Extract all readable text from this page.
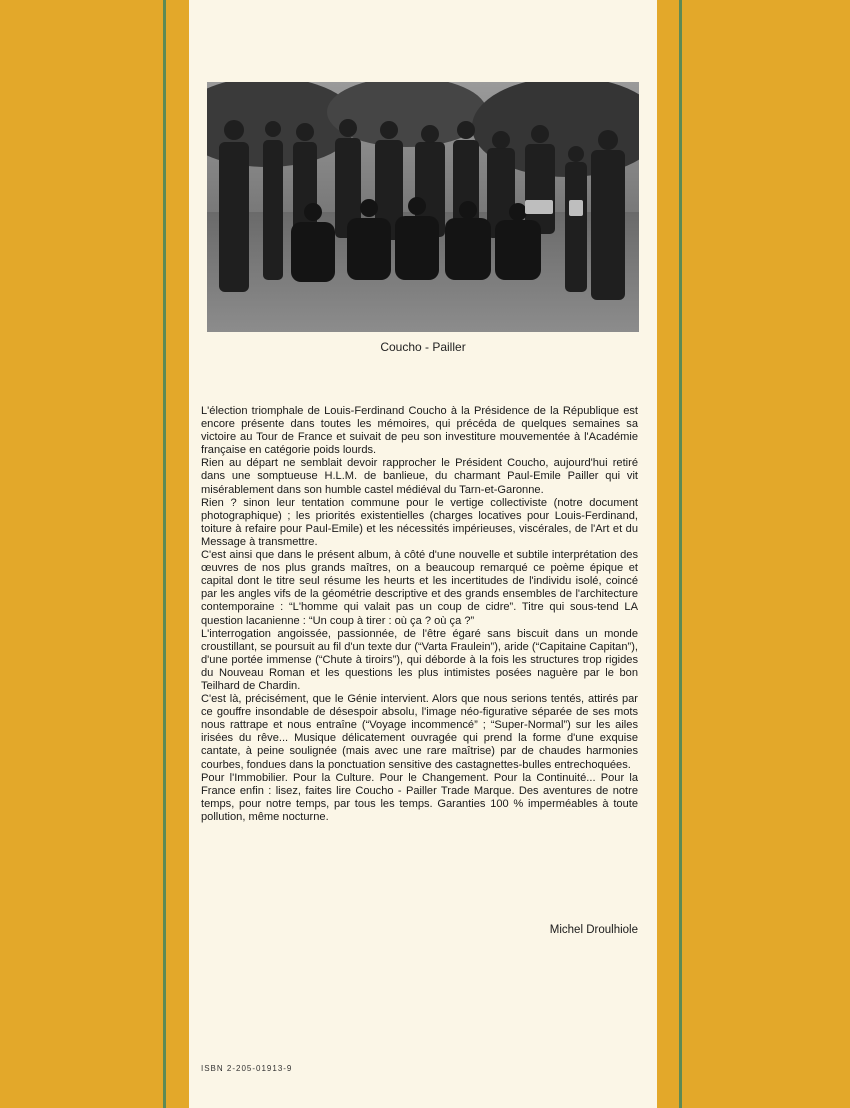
Coucho - Pailler

L'élection triomphale de Louis-Ferdinand Coucho à la Présidence de la République est encore présente dans toutes les mémoires, qui précéda de quelques semaines sa victoire au Tour de France et suivait de peu son investiture mouvementée à l'Académie française en catégorie poids lourds.

Rien au départ ne semblait devoir rapprocher le Président Coucho, aujourd'hui retiré dans une somptueuse H.L.M. de banlieue, du charmant Paul-Emile Pailler qui vit misérablement dans son humble castel médiéval du Tarn-et-Garonne.

Rien ? sinon leur tentation commune pour le vertige collectiviste (notre document photographique) ; les priorités existentielles (charges locatives pour Louis-Ferdinand, toiture à refaire pour Paul-Emile) et les nécessités impérieuses, viscérales, de l'Art et du Message à transmettre.

C'est ainsi que dans le présent album, à côté d'une nouvelle et subtile interprétation des œuvres de nos plus grands maîtres, on a beaucoup remarqué ce poème épique et capital dont le titre seul résume les heurts et les incertitudes de l'individu isolé, coincé par les angles vifs de la géométrie descriptive et des grands ensembles de l'architecture contemporaine : “L'homme qui valait pas un coup de cidre”. Titre qui sous-tend LA question lacanienne : “Un coup à tirer : où ça ? où ça ?”

L'interrogation angoissée, passionnée, de l'être égaré sans biscuit dans un monde croustillant, se poursuit au fil d'un texte dur (“Varta Fraulein”), aride (“Capitaine Capitan”), d'une portée immense (“Chute à tiroirs”), qui déborde à la fois les structures trop rigides du Nouveau Roman et les questions les plus intimistes posées naguère par le bon Teilhard de Chardin.

C'est là, précisément, que le Génie intervient. Alors que nous serions tentés, attirés par ce gouffre insondable de désespoir absolu, l'image néo-figurative séparée de ses mots nous rattrape et nous entraîne (“Voyage incommencé” ; “Super-Normal”) sur les ailes irisées du rêve... Musique délicatement ouvragée qui prend la forme d'une exquise cantate, à peine soulignée (mais avec une rare maîtrise) par de chaudes harmonies courbes, fondues dans la ponctuation sensitive des castagnettes-bulles entrechoquées.

Pour l'Immobilier. Pour la Culture. Pour le Changement. Pour la Continuité... Pour la France enfin : lisez, faites lire Coucho - Pailler Trade Marque. Des aventures de notre temps, pour notre temps, par tous les temps. Garanties 100 % imperméables à toute pollution, même nocturne.

Michel Droulhiole
ISBN 2-205-01913-9
